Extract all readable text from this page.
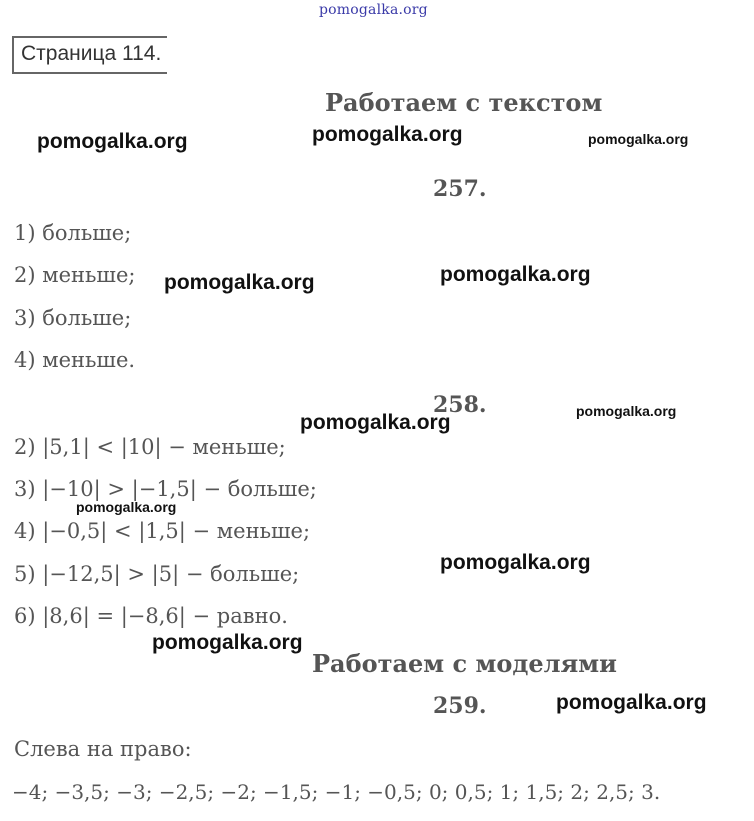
pomogalka.org
Страница 114.
Работаем с текстом
257.
1) больше;
2) меньше;
3) больше;
4) меньше.
258.
2) |5,1| < |10| − меньше;
3) |−10| > |−1,5| − больше;
4) |−0,5| < |1,5| − меньше;
5) |−12,5| > |5| − больше;
6) |8,6| = |−8,6| − равно.
Работаем с моделями
259.
Слева на право:
−4; −3,5; −3; −2,5; −2; −1,5; −1; −0,5; 0; 0,5; 1; 1,5; 2; 2,5; 3.
pomogalka.org	pomogalka.org	pomogalka.org
pomogalka.org	pomogalka.org
pomogalka.org
pomogalka.org
pomogalka.org
pomogalka.org
pomogalka.org
pomogalka.org
